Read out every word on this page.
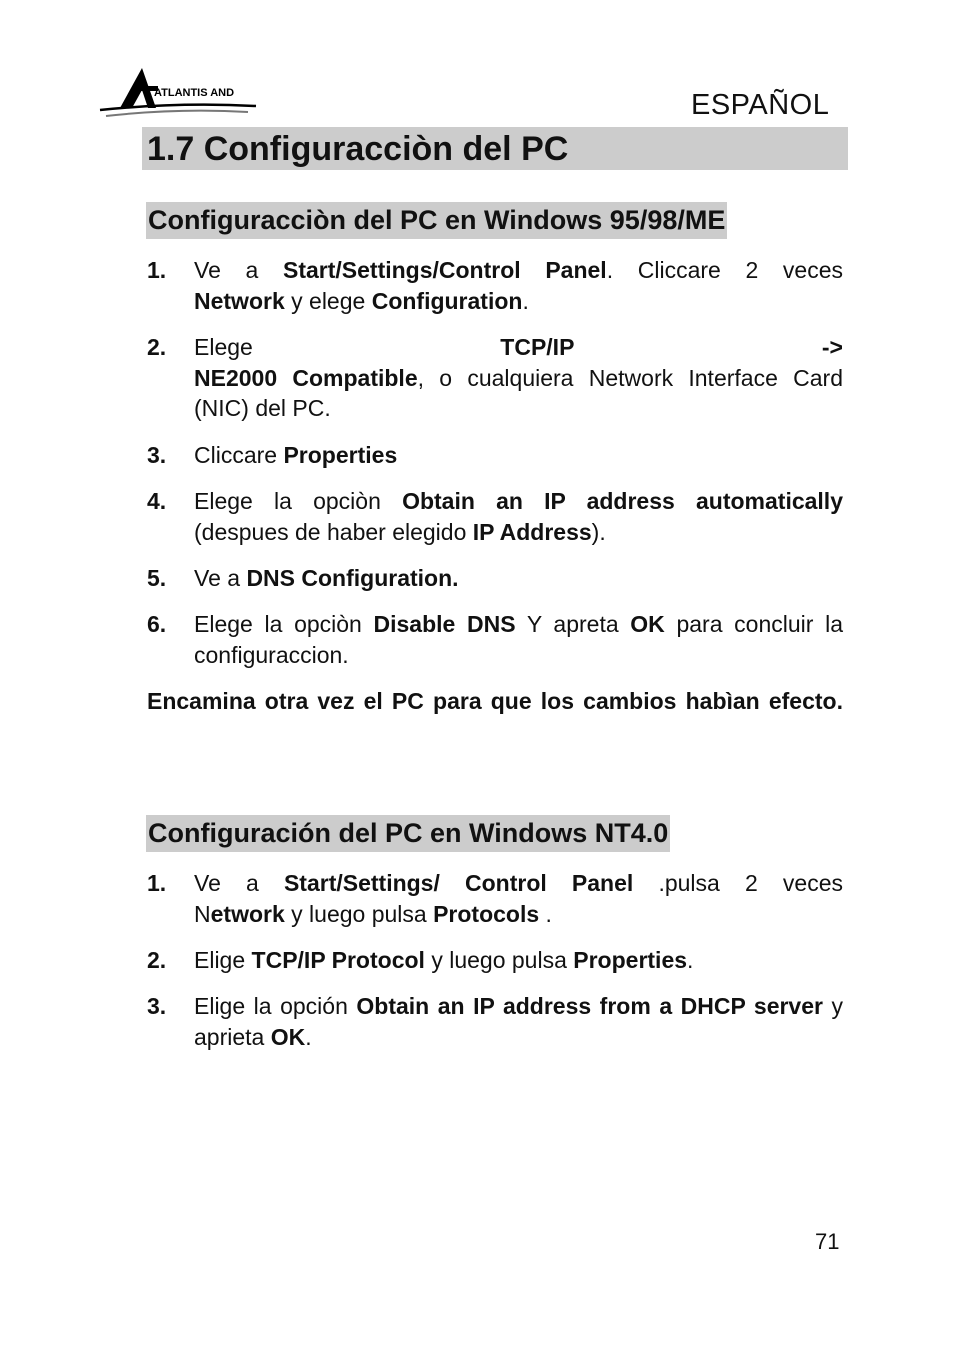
ATLANTIS AND	ESPAÑOL
1.7 Configuracciòn del PC
Configuracciòn del PC en Windows 95/98/ME
1.	Ve a Start/Settings/Control Panel. Cliccare 2 veces
Network y elege Configuration.
2.	Elege	TCP/IP	->
NE2000 Compatible, o cualquiera Network Interface Card (NIC) del PC.
3.	Cliccare Properties
4.	Elege la opciòn Obtain an IP address automatically
(despues de haber elegido IP Address).
5.	Ve a DNS Configuration.
6.	Elege la opciòn Disable DNS Y apreta OK para concluir la configuraccion.
Encamina otra vez el PC para que los cambios habìan efecto.
Configuración del PC en Windows NT4.0
1.	Ve a Start/Settings/ Control Panel .pulsa 2 veces
Network y luego pulsa Protocols .
2.	Elige TCP/IP Protocol y luego pulsa Properties.
3.	Elige la opción Obtain an IP address from a DHCP server y aprieta OK.
71
